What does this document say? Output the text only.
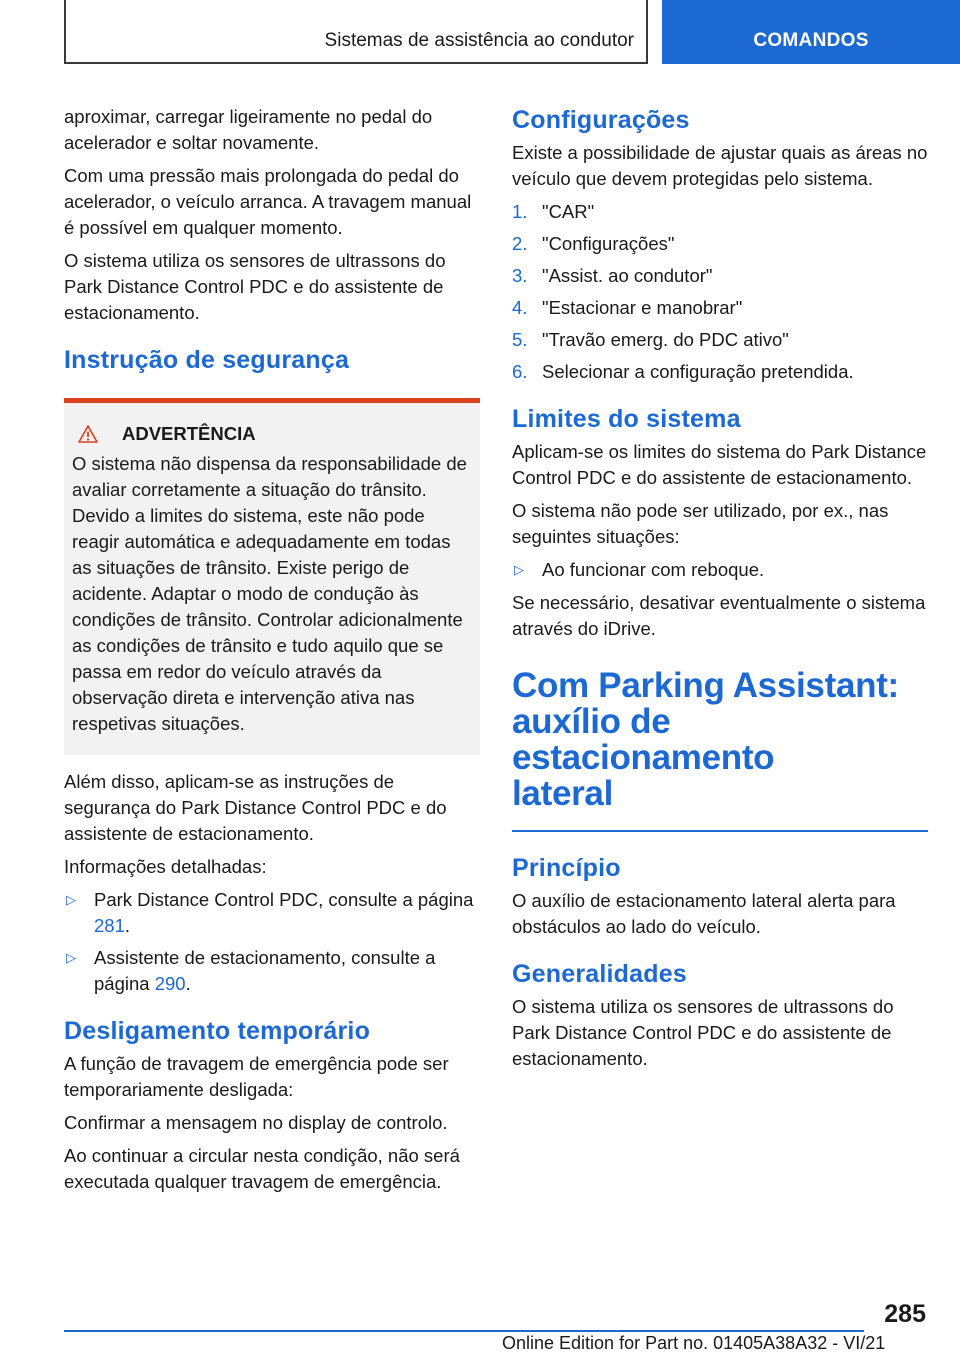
Sistemas de assistência ao condutor	COMANDOS

aproximar, carregar ligeiramente no pedal do acelerador e soltar novamente.

Com uma pressão mais prolongada do pedal do acelerador, o veículo arranca. A travagem manual é possível em qualquer momento.

O sistema utiliza os sensores de ultrassons do Park Distance Control PDC e do assistente de estacionamento.

Instrução de segurança
ADVERTÊNCIA

O sistema não dispensa da responsabilidade de avaliar corretamente a situação do trânsito. Devido a limites do sistema, este não pode reagir automática e adequadamente em todas as situações de trânsito. Existe perigo de acidente. Adaptar o modo de condução às condições de trânsito. Controlar adicionalmente as condições de trânsito e tudo aquilo que se passa em redor do veículo através da observação direta e intervenção ativa nas respetivas situações.

Além disso, aplicam-se as instruções de segurança do Park Distance Control PDC e do assistente de estacionamento.

Informações detalhadas:

▷ Park Distance Control PDC, consulte a página 281.
▷ Assistente de estacionamento, consulte a página 290.
Desligamento temporário

A função de travagem de emergência pode ser temporariamente desligada:

Confirmar a mensagem no display de controlo.

Ao continuar a circular nesta condição, não será executada qualquer travagem de emergência.

Configurações

Existe a possibilidade de ajustar quais as áreas no veículo que devem protegidas pelo sistema.

1. "CAR"
2. "Configurações"
3. "Assist. ao condutor"
4. "Estacionar e manobrar"
5. "Travão emerg. do PDC ativo"
6. Selecionar a configuração pretendida.
Limites do sistema

Aplicam-se os limites do sistema do Park Distance Control PDC e do assistente de estacionamento.

O sistema não pode ser utilizado, por ex., nas seguintes situações:

▷ Ao funcionar com reboque.

Se necessário, desativar eventualmente o sistema através do iDrive.

Com Parking Assistant:
auxílio de estacionamento
lateral
Princípio

O auxílio de estacionamento lateral alerta para obstáculos ao lado do veículo.

Generalidades

O sistema utiliza os sensores de ultrassons do Park Distance Control PDC e do assistente de estacionamento.

285
Online Edition for Part no. 01405A38A32 - VI/21
